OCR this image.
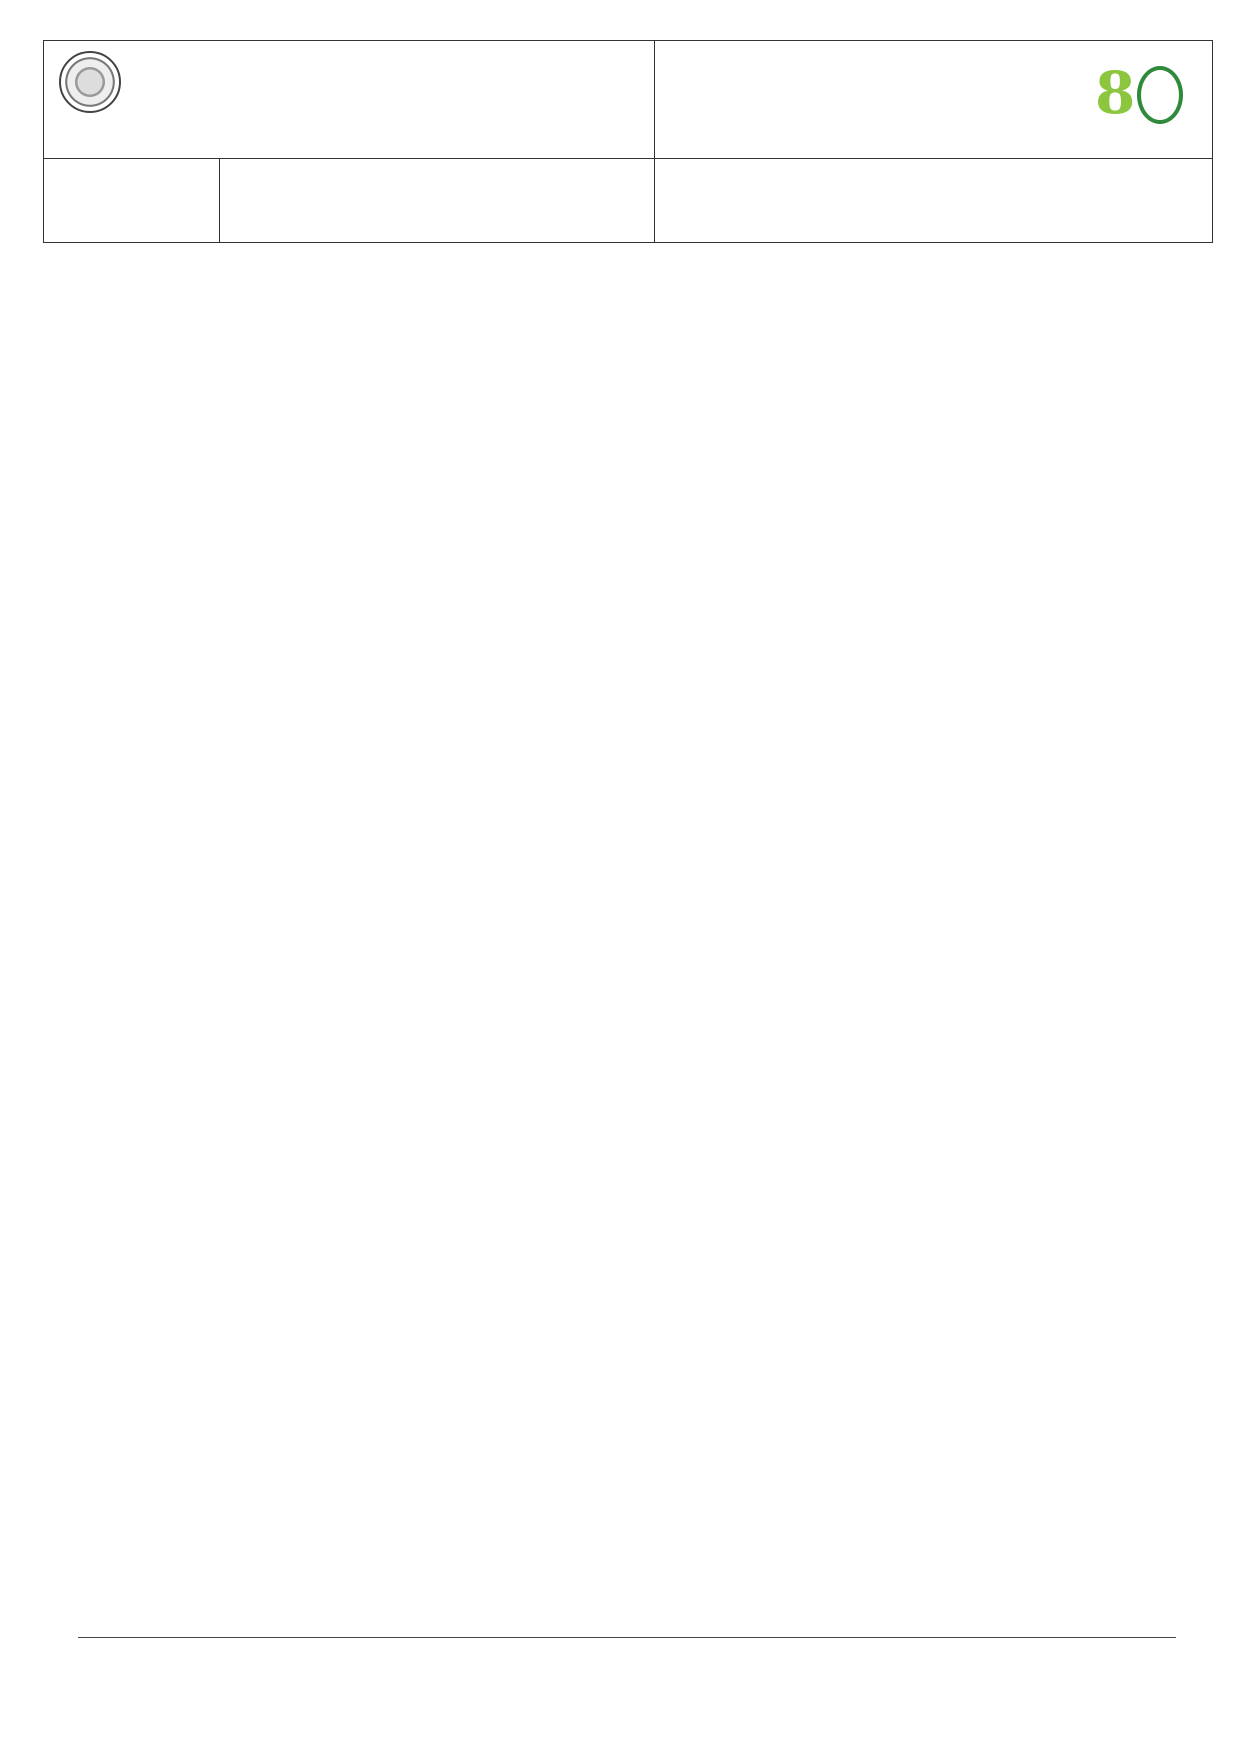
		8
